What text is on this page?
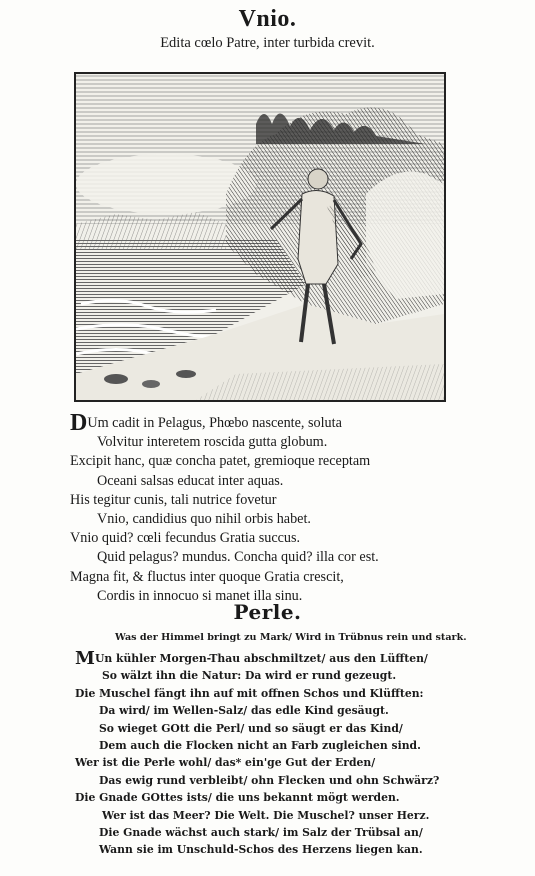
Vnio.
Edita cœlo Patre, inter turbida crevit.
DUm cadit in Pelagus, Phœbo nascente, soluta
Volvitur interetem roscida gutta globum.
Excipit hanc, quæ concha patet, gremioque receptam
Oceani salsas educat inter aquas.
His tegitur cunis, tali nutrice fovetur
Vnio, candidius quo nihil orbis habet.
Vnio quid? cœli fecundus Gratia succus.
Quid pelagus? mundus. Concha quid? illa cor est.
Magna fit, & fluctus inter quoque Gratia crescit,
Cordis in innocuo si manet illa sinu.
Perle.
Was der Himmel bringt zu Mark/ Wird in Trübnus rein und stark.
MUn kühler Morgen-Thau abschmiltzet/ aus den Lüfften/
So wälzt ihn die Natur: Da wird er rund gezeugt.
Die Muschel fängt ihn auf mit offnen Schos und Klüfften:
Da wird/ im Wellen-Salz/ das edle Kind gesäugt.
So wieget GOtt die Perl/ und so säugt er das Kind/
Dem auch die Flocken nicht an Farb zugleichen sind.
Wer ist die Perle wohl/ das* ein'ge Gut der Erden/
Das ewig rund verbleibt/ ohn Flecken und ohn Schwärz?
Die Gnade GOttes ists/ die uns bekannt mögt werden.
Wer ist das Meer? Die Welt. Die Muschel? unser Herz.
Die Gnade wächst auch stark/ im Salz der Trübsal an/
Wann sie im Unschuld-Schos des Herzens liegen kan.
